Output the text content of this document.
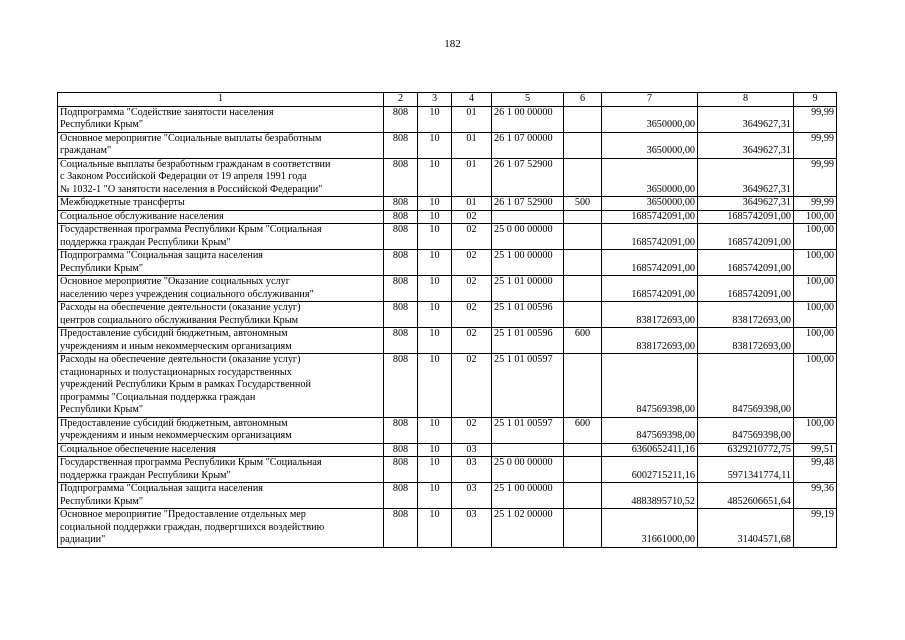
182
1	2	3	4	5	6	7	8	9
Подпрограмма "Содействие занятости населения
Республики Крым"	808	10	01	26 1 00 00000		3650000,00	3649627,31	99,99
Основное мероприятие "Социальные выплаты безработным
гражданам"	808	10	01	26 1 07 00000		3650000,00	3649627,31	99,99
Социальные выплаты безработным гражданам в соответствии
с Законом Российской Федерации от 19 апреля 1991 года
№ 1032-1 "О занятости населения в Российской Федерации"	808	10	01	26 1 07 52900		3650000,00	3649627,31	99,99
Межбюджетные трансферты	808	10	01	26 1 07 52900	500	3650000,00	3649627,31	99,99
Социальное обслуживание населения	808	10	02			1685742091,00	1685742091,00	100,00
Государственная программа Республики Крым "Социальная
поддержка граждан Республики Крым"	808	10	02	25 0 00 00000		1685742091,00	1685742091,00	100,00
Подпрограмма "Социальная защита населения
Республики Крым"	808	10	02	25 1 00 00000		1685742091,00	1685742091,00	100,00
Основное мероприятие "Оказание социальных услуг
населению через учреждения социального обслуживания"	808	10	02	25 1 01 00000		1685742091,00	1685742091,00	100,00
Расходы на обеспечение деятельности (оказание услуг)
центров социального обслуживания Республики Крым	808	10	02	25 1 01 00596		838172693,00	838172693,00	100,00
Предоставление субсидий бюджетным, автономным
учреждениям и иным некоммерческим организациям	808	10	02	25 1 01 00596	600	838172693,00	838172693,00	100,00
Расходы на обеспечение деятельности (оказание услуг)
стационарных и полустационарных государственных
учреждений Республики Крым в рамках Государственной
программы "Социальная поддержка граждан
Республики Крым"	808	10	02	25 1 01 00597		847569398,00	847569398,00	100,00
Предоставление субсидий бюджетным, автономным
учреждениям и иным некоммерческим организациям	808	10	02	25 1 01 00597	600	847569398,00	847569398,00	100,00
Социальное обеспечение населения	808	10	03			6360652411,16	6329210772,75	99,51
Государственная программа Республики Крым "Социальная
поддержка граждан Республики Крым"	808	10	03	25 0 00 00000		6002715211,16	5971341774,11	99,48
Подпрограмма "Социальная защита населения
Республики Крым"	808	10	03	25 1 00 00000		4883895710,52	4852606651,64	99,36
Основное мероприятие "Предоставление отдельных мер
социальной поддержки граждан, подвергшихся воздействию
радиации"	808	10	03	25 1 02 00000		31661000,00	31404571,68	99,19
